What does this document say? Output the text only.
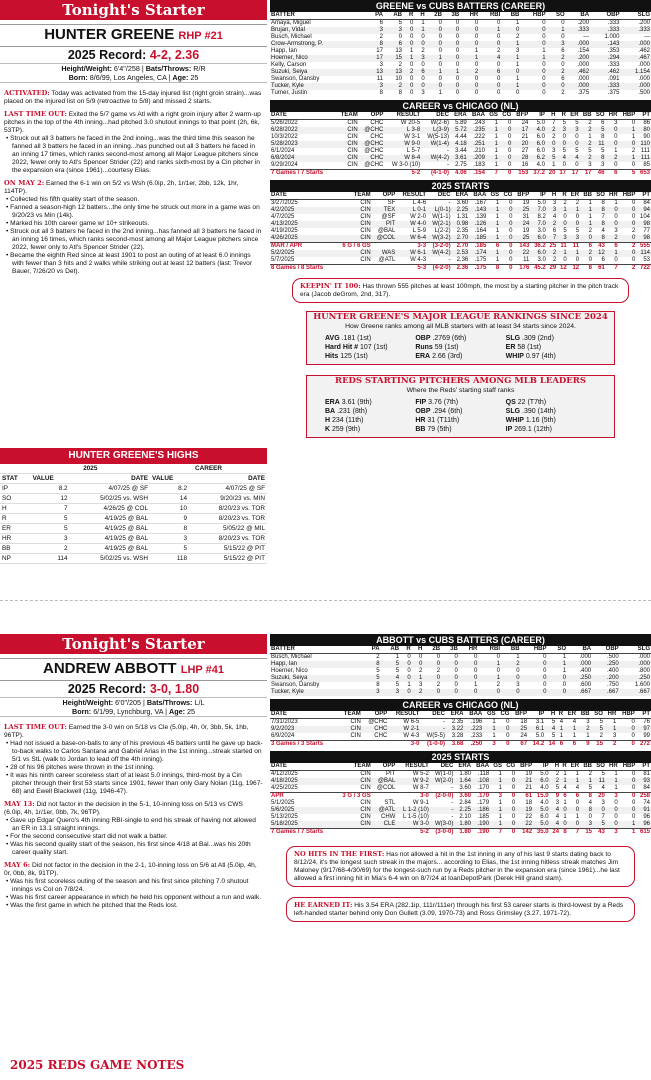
Tonight's Starter
HUNTER GREENE RHP #21
2025 Record: 4-2, 2.36
Height/Weight: 6'4"/258 | Bats/Throws: R/R
Born: 8/6/99, Los Angeles, CA | Age: 25

ACTIVATED: Today was activated from the 15-day injured list (right groin strain)...was placed on the injured list on 5/9 (retroactive to 5/8) and missed 2 starts.

LAST TIME OUT: Exited the 5/7 game vs Atl with a right groin injury after 2 warm-up pitches in the top of the 4th inning...had pitched 3.0 shutout innings to that point (2h, 6k, 53TP).

• Struck out all 3 batters he faced in the 2nd inning...was the third time this season he fanned all 3 batters he faced in an inning...has punched out all 3 batters he faced in an inning 17 times, which ranks second-most among all Major League pitchers since 2022, fewer only to Atl's Spencer Strider (22) and ranks sixth-most by a Cin pitcher in the expansion era (since 1961)...courtesy Elias.

ON MAY 2: Earned the 6-1 win on 5/2 vs Wsh (6.0ip, 2h, 1r/1er, 2bb, 12k, 1hr, 114TP).

• Collected his fifth quality start of the season.

• Fanned a season-high 12 batters...the only time he struck out more in a game was on 9/20/23 vs Min (14k).

• Marked his 10th career game w/ 10+ strikeouts.

• Struck out all 3 batters he faced in the 2nd inning...has fanned all 3 batters he faced in an inning 16 times, which ranks second-most among all Major League pitchers since 2022, fewer only to Atl's Spencer Strider (22).

• Became the eighth Red since at least 1901 to post an outing of at least 6.0 innings with fewer than 3 hits and 2 walks while striking out at least 12 batters (last: Trevor Bauer, 7/26/20 vs Det).

HUNTER GREENE'S HIGHS
	2025		CAREER	
STAT	VALUE	DATE	VALUE	DATE
IP	8.2	4/07/25 @ SF	8.2	4/07/25 @ SF
SO	12	5/02/25 vs. WSH	14	9/20/23 vs. MIN
H	7	4/26/25 @ COL	10	8/20/23 vs. TOR
R	5	4/19/25 @ BAL	9	8/20/23 vs. TOR
ER	5	4/19/25 @ BAL	8	5/05/22 @ MIL
HR	3	4/19/25 @ BAL	3	8/20/23 vs. TOR
BB	2	4/19/25 @ BAL	5	5/15/22 @ PIT
NP	114	5/02/25 vs. WSH	118	5/15/22 @ PIT
GREENE vs CUBS BATTERS (CAREER)
BATTER	PA	AB	R	H	2B	3B	HR	RBI	BB	HBP	SO	BA	OBP	SLG
Amaya, Miguel	6	5	0	1	0	0	0	0	1	0	0	.200	.333	.200
Brujan, Vidal	3	3	0	1	0	0	0	1	0	0	1	.333	.333	.333
Busch, Michael	2	0	0	0	0	0	0	0	2	0	0	---	1.000	---
Crow-Armstrong, P.	8	6	0	0	0	0	0	0	1	0	3	.000	.143	.000
Happ, Ian	17	13	1	2	0	0	1	2	3	1	6	.154	.353	.462
Hoerner, Nico	17	15	1	3	1	0	1	4	1	1	2	.200	.294	.467
Kelly, Carson	3	2	0	0	0	0	0	0	1	0	0	.000	.333	.000
Suzuki, Seiya	13	13	2	6	1	1	2	6	0	0	2	.462	.462	1.154
Swanson, Dansby	11	10	0	0	0	0	0	0	1	0	6	.000	.091	.000
Tucker, Kyle	3	2	0	0	0	0	0	0	1	0	0	.000	.333	.000
Turner, Justin	8	8	0	3	1	0	0	0	0	0	2	.375	.375	.500
CAREER vs CHICAGO (NL)
DATE	TEAM	OPP	RESULT	DEC	ERA	BAA	GS	CG	BFP	IP	H	R	ER	BB	SO	HR	HBP	PT
5/26/2022	CIN	CHC	W 20-5	W(2-6)	5.89	.243	1	0	24	5.0	7	5	5	2	6	3	0	86
6/28/2022	CIN	@CHC	L 3-8	L(3-9)	5.72	.235	1	0	17	4.0	2	3	3	2	5	0	1	80
10/3/2022	CIN	CHC	W 3-1	W(5-13)	4.44	.222	1	0	21	6.0	2	0	0	1	8	0	1	90
5/28/2023	CIN	@CHC	W 9-0	W(1-4)	4.18	.251	1	0	20	6.0	0	0	0	2	11	0	0	110
6/1/2024	CIN	@CHC	L 5-7	-	3.44	.210	1	0	27	6.0	3	5	5	5	5	1	2	111
6/8/2024	CIN	CHC	W 8-4	W(4-2)	3.61	.209	1	0	28	6.2	5	4	4	2	8	2	1	111
9/29/2024	CIN	@CHC	W 3-0 (10)	-	2.75	.183	1	0	16	4.0	1	0	0	3	3	0	0	85
7 Games / 7 Starts			5-2	(4-1-0)	4.06	.154	7	0	153	37.2	20	17	17	17	46	6	5	653
2025 STARTS
DATE	TEAM	OPP	RESULT	DEC	ERA	BAA	GS	CG	BFP	IP	H	R	ER	BB	SO	HR	HBP	PT
3/27/2025	CIN	SF	L 4-6	-	3.60	.167	1	0	19	5.0	3	2	2	1	8	1	0	84
4/2/2025	CIN	TEX	L 0-1	L(0-1)	2.25	.143	1	0	25	7.0	3	1	1	1	8	0	0	94
4/7/2025	CIN	@SF	W 2-0	W(1-1)	1.31	.139	1	0	31	8.2	4	0	0	1	7	0	0	104
4/13/2025	CIN	PIT	W 4-0	W(2-1)	0.98	.126	1	0	24	7.0	2	0	0	1	8	0	0	98
4/19/2025	CIN	@BAL	L 5-9	L(2-2)	2.35	.164	1	0	19	3.0	6	5	5	2	4	3	2	77
4/26/2025	CIN	@COL	W 6-4	W(3-2)	2.70	.185	1	0	25	6.0	7	3	3	0	8	2	0	98
MAR / APR	6 G / 6 GS		3-3	(3-2-0)	2.70	.185	6	0	143	36.2	25	11	11	6	43	6	2	555
5/2/2025	CIN	WAS	W 6-1	W(4-2)	2.53	.174	1	0	22	6.0	2	1	1	2	12	1	0	114
5/7/2025	CIN	@ATL	W 4-3	-	2.36	.175	1	0	11	3.0	2	0	0	0	6	0	0	53
8 Games / 8 Starts			5-3	(4-2-0)	2.36	.175	8	0	176	45.2	29	12	12	8	61	7	2	722
KEEPIN' IT 100: Has thrown 555 pitches at least 100mph, the most by a starting pitcher in the pitch track era (Jacob deGrom, 2nd, 317).
HUNTER GREENE'S MAJOR LEAGUE RANKINGS SINCE 2024
How Greene ranks among all MLB starters with at least 34 starts since 2024.
AVG .181 (1st)	OBP .2769 (6th)	SLG .309 (2nd)
Hard Hit # 107 (1st)	Runs 59 (1st)	ER 58 (1st)
Hits 125 (1st)	ERA 2.66 (3rd)	WHIP 0.97 (4th)
REDS STARTING PITCHERS AMONG MLB LEADERS
Where the Reds' starting staff ranks
ERA 3.61 (9th)	FIP 3.76 (7th)	QS 22 (T7th)
BA .231 (8th)	OBP .294 (6th)	SLG .390 (14th)
H 234 (11th)	HR 31 (T11th)	WHIP 1.16 (5th)
K 259 (9th)	BB 79 (5th)	IP 269.1 (12th)
Tonight's Starter
ANDREW ABBOTT LHP #41
2025 Record: 3-0, 1.80
Height/Weight: 6'0"/205 | Bats/Throws: L/L
Born: 6/1/99, Lynchburg, VA | Age: 25

LAST TIME OUT: Earned the 3-0 win on 5/18 vs Cle (5.0ip, 4h, 0r, 3bb, 5k, 1hb, 96TP).

• Had not issued a base-on-balls to any of his previous 45 batters until he gave up back-to-back walks to Carlos Santana and Gabriel Arias in the 1st inning...streak started on 5/1 vs StL (walk to Jordan to lead off the 4th inning).

• 28 of his 96 pitches were thrown in the 1st inning.

• It was his ninth career scoreless start of at least 5.0 innings, third-most by a Cin pitcher through their first 53 starts since 1901, fewer than only Gary Nolan (11g, 1967-68) and Ewell Blackwell (11g, 1946-47).

MAY 13: Did not factor in the decision in the 5-1, 10-inning loss on 5/13 vs CWS (6.0ip, 4h, 1r/1er, 0bb, 7k, 96TP).

• Gave up Edgar Quero's 4th inning RBI-single to end his streak of having not allowed an ER in 13.1 straight innings.

• For the second consecutive start did not walk a batter.

• Was his second quality start of the season, his first since 4/18 at Bal...was his 20th career quality start.

MAY 6: Did not factor in the decision in the 2-1, 10-inning loss on 5/6 at Atl (5.0ip, 4h, 0r, 0bb, 8k, 91TP).

• Was his first scoreless outing of the season and his first since pitching 7.0 shutout innings vs Col on 7/8/24.

• Was his first career appearance in which he held his opponent without a run and walk.

• Was the first game in which he pitched that the Reds lost.

ABBOTT vs CUBS BATTERS (CAREER)
BATTER	PA	AB	R	H	2B	3B	HR	RBI	BB	HBP	SO	BA	OBP	SLG
Busch, Michael	2	1	0	0	0	0	0	0	1	0	1	.000	.500	.000
Happ, Ian	8	5	0	0	0	0	0	1	2	0	1	.000	.250	.000
Hoerner, Nico	5	5	0	2	2	0	0	0	0	0	1	.400	.400	.800
Suzuki, Seiya	5	4	0	1	0	0	0	1	0	0	0	.250	.200	.250
Swanson, Dansby	8	5	1	3	2	0	1	2	3	0	0	.600	.750	1.600
Tucker, Kyle	3	3	0	2	0	0	0	0	0	0	0	.667	.667	.667
CAREER vs CHICAGO (NL)
DATE	TEAM	OPP	RESULT	DEC	ERA	BAA	GS	CG	BFP	IP	H	R	ER	BB	SO	HR	HBP	PT
7/31/2023	CIN	@CHC	W 6-5	-	2.35	.196	1	0	18	3.1	5	4	4	3	5	1	0	76
9/2/2023	CIN	CHC	W 2-1	-	3.22	.223	1	0	25	6.1	4	1	1	2	5	1	0	97
6/9/2024	CIN	CHC	W 4-3	W(5-5)	3.28	.233	1	0	24	5.0	5	1	1	1	2	3	0	99
3 Games / 3 Starts			3-0	(1-0-0)	3.68	.250	3	0	67	14.2	14	6	6	9	15	2	0	272
2025 STARTS
DATE	TEAM	OPP	RESULT	DEC	ERA	BAA	GS	CG	BFP	IP	H	R	ER	BB	SO	HR	HBP	PT
4/12/2025	CIN	PIT	W 5-2	W(1-0)	1.80	.118	1	0	19	5.0	2	1	1	2	5	1	0	81
4/18/2025	CIN	@BAL	W 9-2	W(2-0)	1.64	.108	1	0	21	6.0	2	1	1	1	11	1	0	93
4/25/2025	CIN	@COL	W 8-7	-	3.60	.170	1	0	21	4.0	5	4	4	5	4	1	0	84
APR	3 G / 3 GS		3-0	(2-0-0)	3.60	.170	3	0	61	15.0	9	6	6	8	20	3	0	258
5/1/2025	CIN	STL	W 9-1	-	2.84	.179	1	0	18	4.0	3	1	0	4	3	0	0	74
5/6/2025	CIN	@ATL	L 1-2 (10)	-	2.25	.186	1	0	19	5.0	4	0	0	8	0	0	0	91
5/13/2025	CIN	CHW	L 1-5 (10)	-	2.10	.185	1	0	22	6.0	4	1	1	0	7	0	0	96
5/18/2025	CIN	CLE	W 3-0	W(3-0)	1.80	.190	1	0	22	5.0	4	0	0	3	5	0	1	96
7 Games / 7 Starts			5-2	(3-0-0)	1.80	.190	7	0	142	35.0	24	8	7	15	43	3	1	615
NO HITS IN THE FIRST: Has not allowed a hit in the 1st inning in any of his last 9 starts dating back to 8/12/24, it's the longest such streak in the majors... according to Elias, the 1st inning hitless streak matches Jim Maloney (9/17/68-4/30/69) for the longest-such run by a Reds pitcher in the expansion era (since 1961)...he last allowed a first inning hit in Mia's 6-4 win on 8/7/24 at loanDepotPark (Derek Hill grand slam).
HE EARNED IT: His 3.54 ERA (282.1ip, 111r/111er) through his first 53 career starts is third-lowest by a Reds left-handed starter behind only Don Gullett (3.09, 1970-73) and Ross Grimsley (3.27, 1971-72).
2025 REDS GAME NOTES
